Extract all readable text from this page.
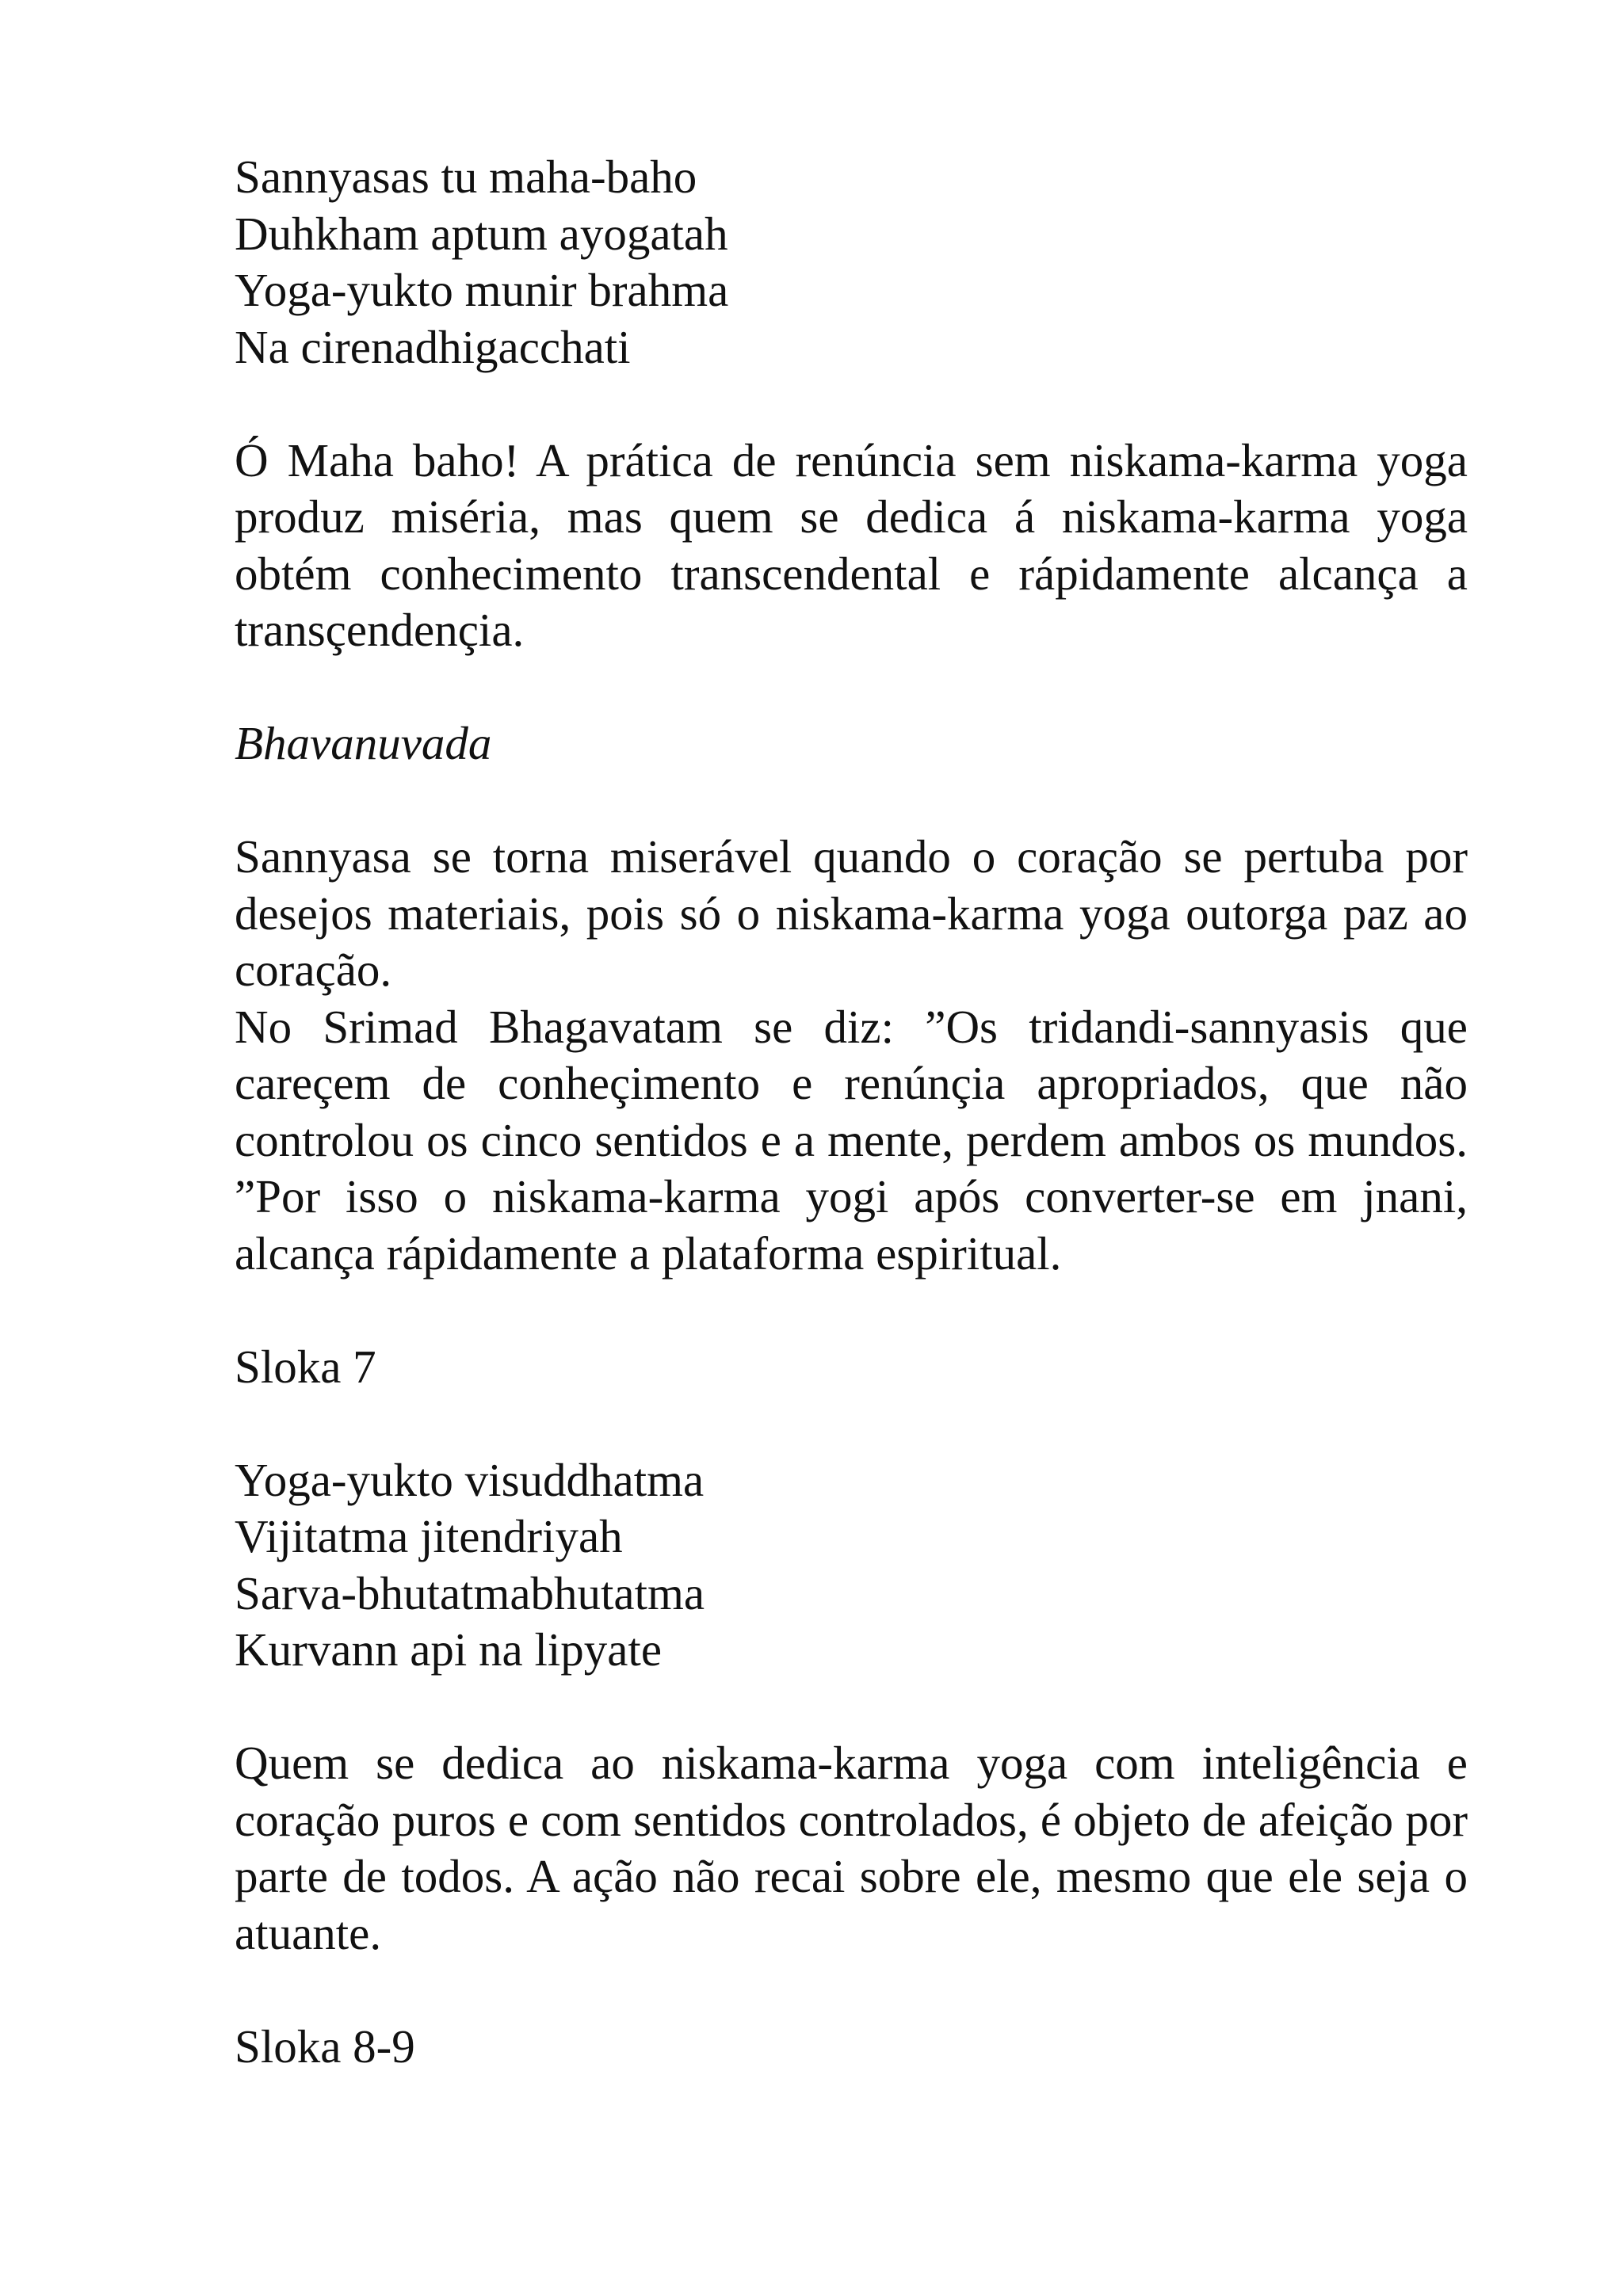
Sannyasas tu maha-baho
Duhkham aptum ayogatah
Yoga-yukto munir brahma
Na cirenadhigacchati

Ó Maha baho! A prática de renúncia sem niskama-karma yoga produz miséria, mas quem se dedica á niskama-karma yoga obtém conhecimento transcendental e rápidamente alcança a transçendençia.

Bhavanuvada

Sannyasa se torna miserável quando o coração se pertuba por desejos materiais, pois só o niskama-karma yoga outorga paz ao coração.

No Srimad Bhagavatam se diz: ”Os tridandi-sannyasis que careçem de conheçimento e renúnçia apropriados, que não controlou os cinco sentidos e a mente, perdem ambos os mundos. ”Por isso o niskama-karma yogi após converter-se em jnani, alcança rápidamente a plataforma espiritual.

Sloka 7

Yoga-yukto visuddhatma
Vijitatma jitendriyah
Sarva-bhutatmabhutatma
Kurvann api na lipyate

Quem se dedica ao niskama-karma yoga com inteligência e coração puros e com sentidos controlados, é objeto de afeição por parte de todos. A ação não recai sobre ele, mesmo que ele seja o atuante.

Sloka 8-9
